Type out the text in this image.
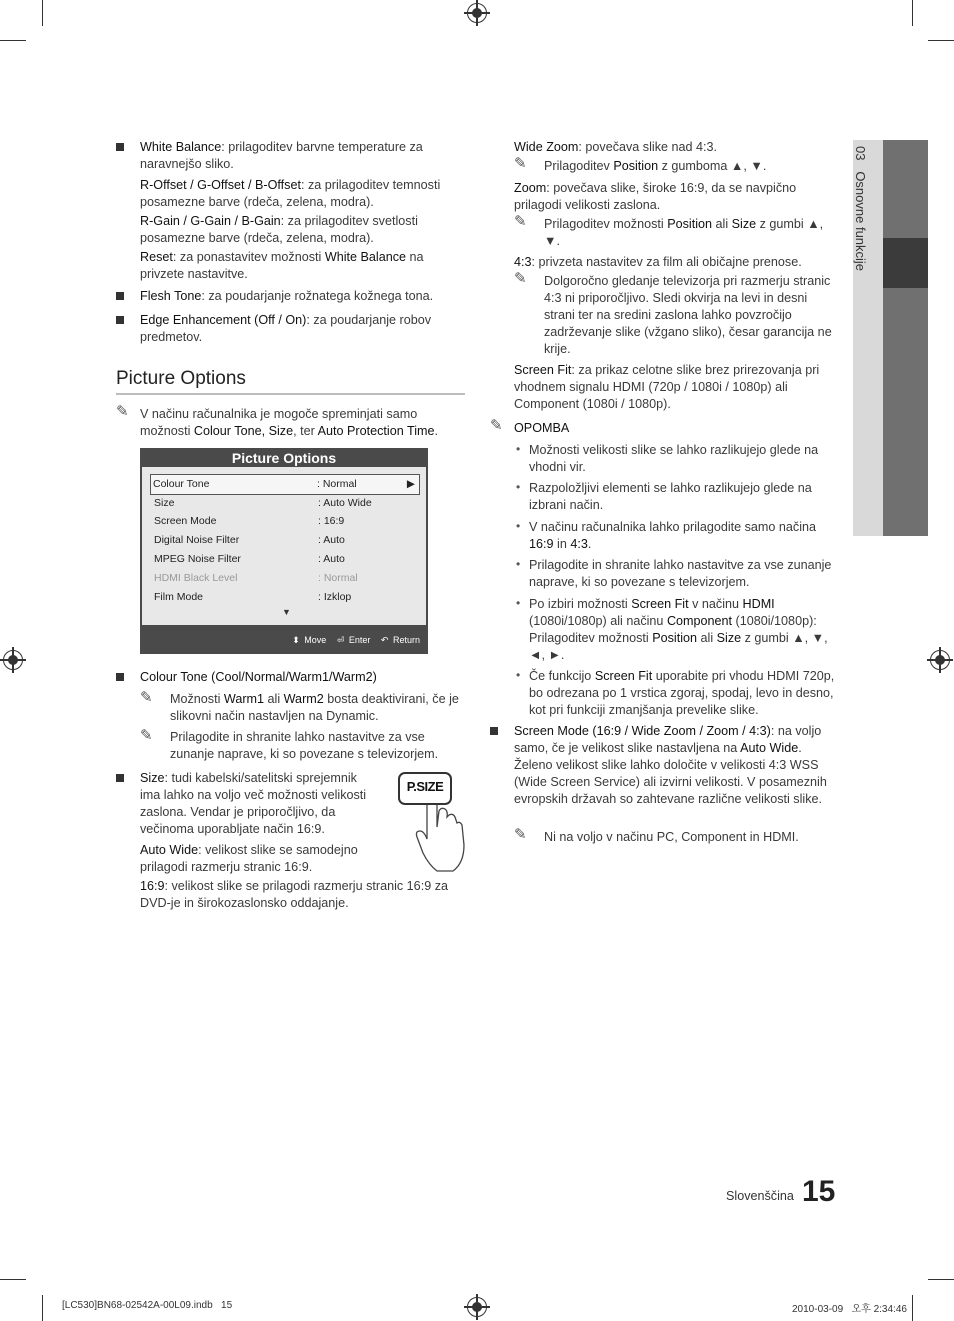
03   Osnovne funkcije
White Balance: prilagoditev barvne temperature za naravnejšo sliko.
R-Offset / G-Offset / B-Offset: za prilagoditev temnosti posamezne barve (rdeča, zelena, modra).
R-Gain / G-Gain / B-Gain: za prilagoditev svetlosti posamezne barve (rdeča, zelena, modra).
Reset: za ponastavitev možnosti White Balance na privzete nastavitve.
Flesh Tone: za poudarjanje rožnatega kožnega tona.
Edge Enhancement (Off / On): za poudarjanje robov predmetov.
Picture Options
✎ V načinu računalnika je mogoče spreminjati samo možnosti Colour Tone, Size, ter Auto Protection Time.
Picture Options
Colour Tone	: Normal	▶
Size	: Auto Wide
Screen Mode	: 16:9
Digital Noise Filter	: Auto
MPEG Noise Filter	: Auto
HDMI Black Level	: Normal
Film Mode	: Izklop
▼
⬍ Move ⏎ Enter ↶ Return
Colour Tone (Cool/Normal/Warm1/Warm2)
✎ Možnosti Warm1 ali Warm2 bosta deaktivirani, če je slikovni način nastavljen na Dynamic.
✎ Prilagodite in shranite lahko nastavitve za vse zunanje naprave, ki so povezane s televizorjem.
Size: tudi kabelski/satelitski sprejemnik ima lahko na voljo več možnosti velikosti zaslona. Vendar je priporočljivo, da večinoma uporabljate način 16:9.
Auto Wide: velikost slike se samodejno prilagodi razmerju stranic 16:9.
16:9: velikost slike se prilagodi razmerju stranic 16:9 za DVD-je in širokozaslonsko oddajanje.
P.SIZE
Wide Zoom: povečava slike nad 4:3.
✎ Prilagoditev Position z gumboma ▲, ▼.
Zoom: povečava slike, široke 16:9, da se navpično prilagodi velikosti zaslona.
✎ Prilagoditev možnosti Position ali Size z gumbi ▲, ▼.
4:3: privzeta nastavitev za film ali običajne prenose.
✎ Dolgoročno gledanje televizorja pri razmerju stranic 4:3 ni priporočljivo. Sledi okvirja na levi in desni strani ter na sredini zaslona lahko povzročijo zadrževanje slike (vžgano sliko), česar garancija ne krije.
Screen Fit: za prikaz celotne slike brez prirezovanja pri vhodnem signalu HDMI (720p / 1080i / 1080p) ali Component (1080i / 1080p).
✎ OPOMBA
• Možnosti velikosti slike se lahko razlikujejo glede na vhodni vir.
• Razpoložljivi elementi se lahko razlikujejo glede na izbrani način.
• V načinu računalnika lahko prilagodite samo načina 16:9 in 4:3.
• Prilagodite in shranite lahko nastavitve za vse zunanje naprave, ki so povezane s televizorjem.
• Po izbiri možnosti Screen Fit v načinu HDMI (1080i/1080p) ali načinu Component (1080i/1080p): Prilagoditev možnosti Position ali Size z gumbi ▲, ▼, ◄, ►.
• Če funkcijo Screen Fit uporabite pri vhodu HDMI 720p, bo odrezana po 1 vrstica zgoraj, spodaj, levo in desno, kot pri funkciji zmanjšanja prevelike slike.
Screen Mode (16:9 / Wide Zoom / Zoom / 4:3): na voljo samo, če je velikost slike nastavljena na Auto Wide. Želeno velikost slike lahko določite v velikosti 4:3 WSS (Wide Screen Service) ali izvirni velikosti. V posameznih evropskih državah so zahtevane različne velikosti slike.
✎ Ni na voljo v načinu PC, Component in HDMI.
Slovenščina 15
[LC530]BN68-02542A-00L09.indb   15	2010-03-09   오후 2:34:46
